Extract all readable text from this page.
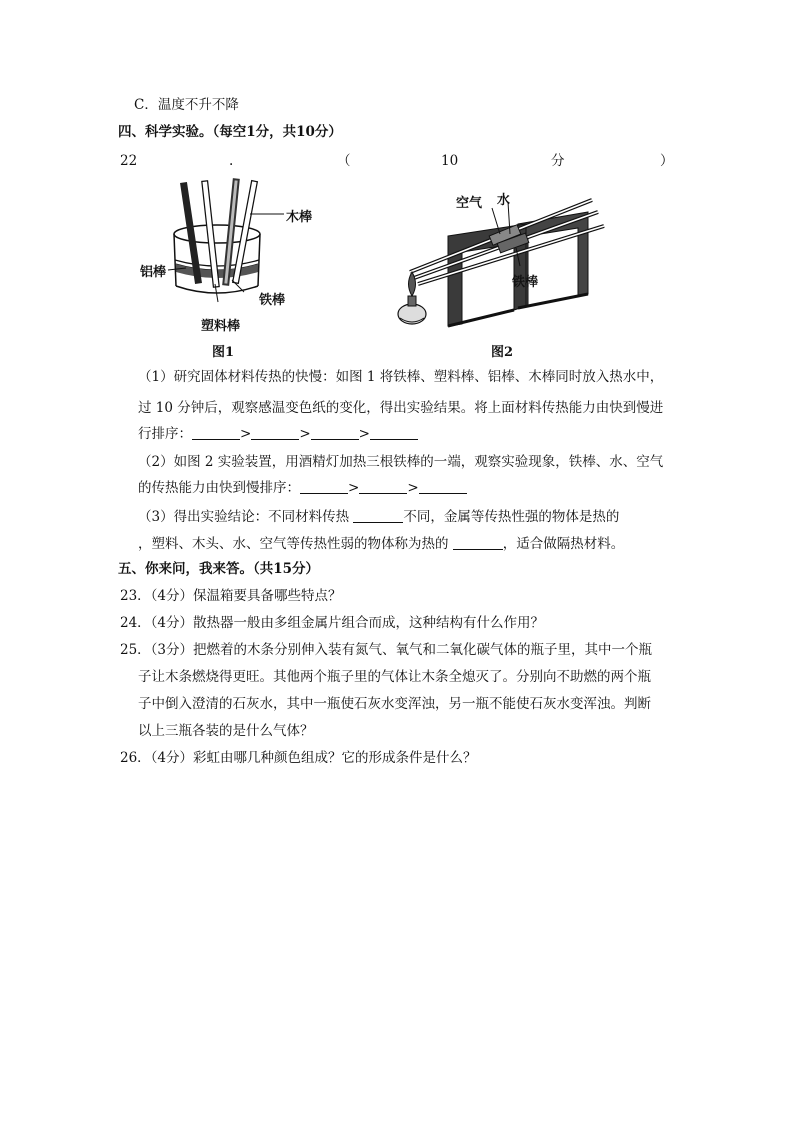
C．温度不升不降
四、科学实验。（每空1分，共10分）
22	.	（	10	分	）
木棒
铝棒
铁棒
塑料棒
图1
空气 水
铁棒
图2
（1）研究固体材料传热的快慢：如图 1 将铁棒、塑料棒、铝棒、木棒同时放入热水中，
过 10 分钟后，观察感温变色纸的变化，得出实验结果。将上面材料传热能力由快到慢进
行排序：	>	>	>
（2）如图 2 实验装置，用酒精灯加热三根铁棒的一端，观察实验现象，铁棒、水、空气
的传热能力由快到慢排序：	>	>
（3）得出实验结论：不同材料传热	不同，金属等传热性强的物体是热的
，塑料、木头、水、空气等传热性弱的物体称为热的	，适合做隔热材料。
五、你来问，我来答。（共15分）
23．（4分）保温箱要具备哪些特点？
24．（4分）散热器一般由多组金属片组合而成，这种结构有什么作用？
25．（3分）把燃着的木条分别伸入装有氮气、氧气和二氧化碳气体的瓶子里，其中一个瓶
子让木条燃烧得更旺。其他两个瓶子里的气体让木条全熄灭了。分别向不助燃的两个瓶
子中倒入澄清的石灰水，其中一瓶使石灰水变浑浊，另一瓶不能使石灰水变浑浊。判断
以上三瓶各装的是什么气体？
26．（4分）彩虹由哪几种颜色组成？它的形成条件是什么？
